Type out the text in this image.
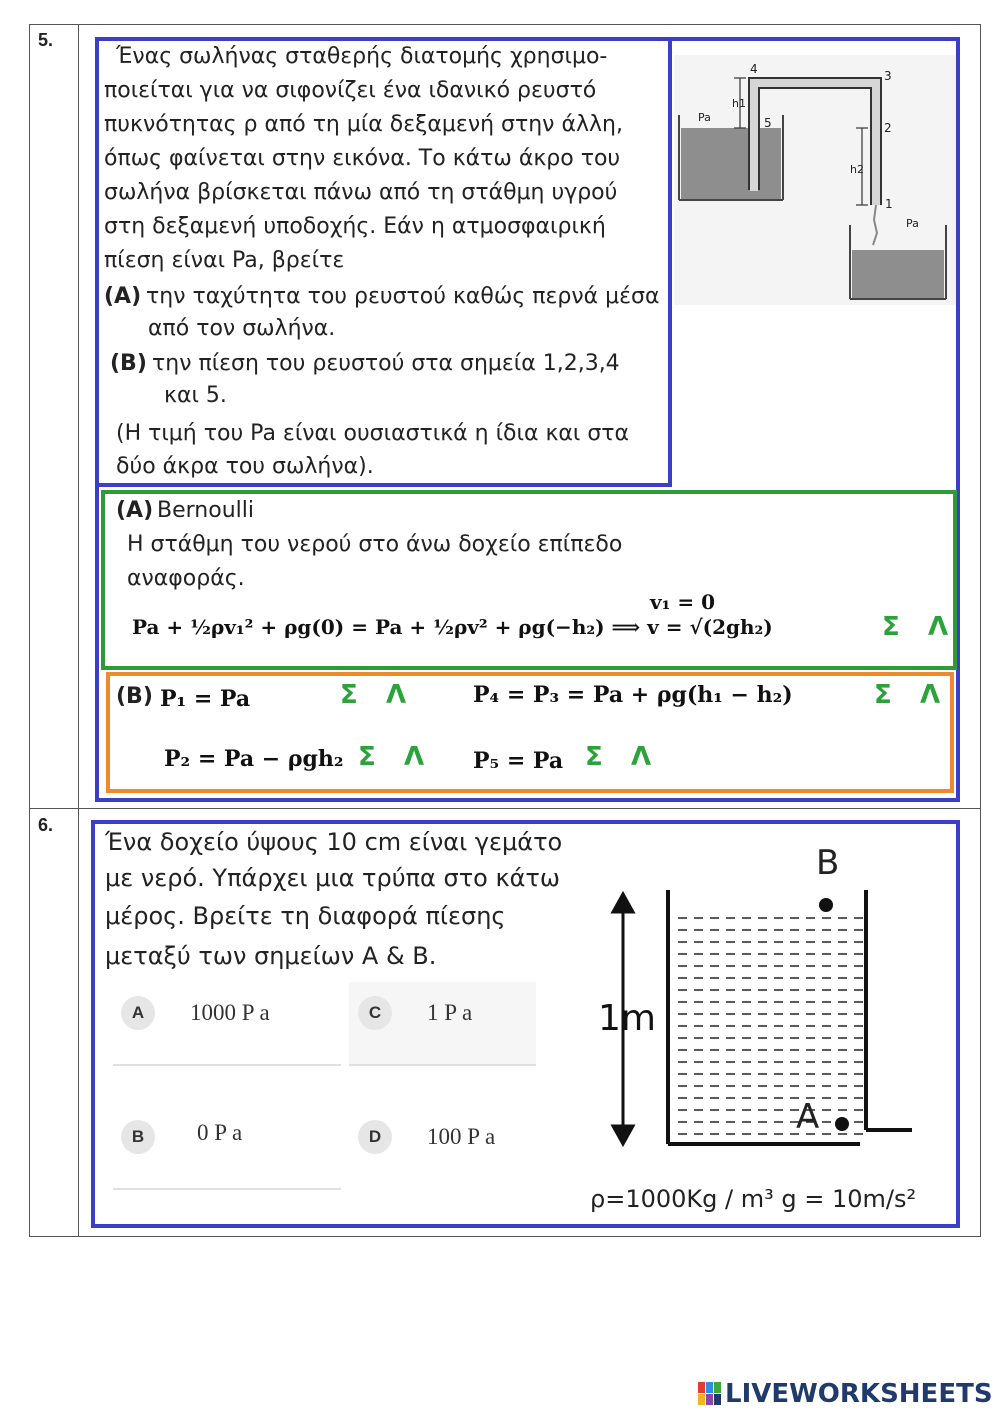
5.
6.
Ένας σωλήνας σταθερής διατομής χρησιμο-
ποιείται για να σιφονίζει ένα ιδανικό ρευστό
πυκνότητας ρ από τη μία δεξαμενή στην άλλη,
όπως φαίνεται στην εικόνα. Το κάτω άκρο του
σωλήνα βρίσκεται πάνω από τη στάθμη υγρού
στη δεξαμενή υποδοχής. Εάν η ατμοσφαιρική
πίεση είναι Pa, βρείτε
(A) την ταχύτητα του ρευστού καθώς περνά μέσα
από τον σωλήνα.
(B) την πίεση του ρευστού στα σημεία 1,2,3,4
και 5.
(Η τιμή του Pa είναι ουσιαστικά η ίδια και στα
δύο άκρα του σωλήνα).
4	3
2
1
5
h1
h2
Pa
Pa
(A) Bernoulli
Η στάθμη του νερού στο άνω δοχείο επίπεδο
αναφοράς.
v₁ = 0
Pa + ½ρv₁² + ρg(0) = Pa + ½ρv² + ρg(−h₂) ⟹ v = √(2gh₂)	Σ Λ
(B) P₁ = Pa	Σ Λ	P₄ = P₃ = Pa + ρg(h₁ − h₂)	Σ Λ
P₂ = Pa − ρgh₂ Σ Λ P₅ = Pa Σ Λ
Ένα δοχείο ύψους 10 cm είναι γεμάτο
με νερό. Υπάρχει μια τρύπα στο κάτω
μέρος. Βρείτε τη διαφορά πίεσης
μεταξύ των σημείων A & B.
A	1000 P a	C	1 P a
B	0 P a	D	100 P a
1m
B
A
ρ=1000Kg / m³ g = 10m/s²
LIVEWORKSHEETS
